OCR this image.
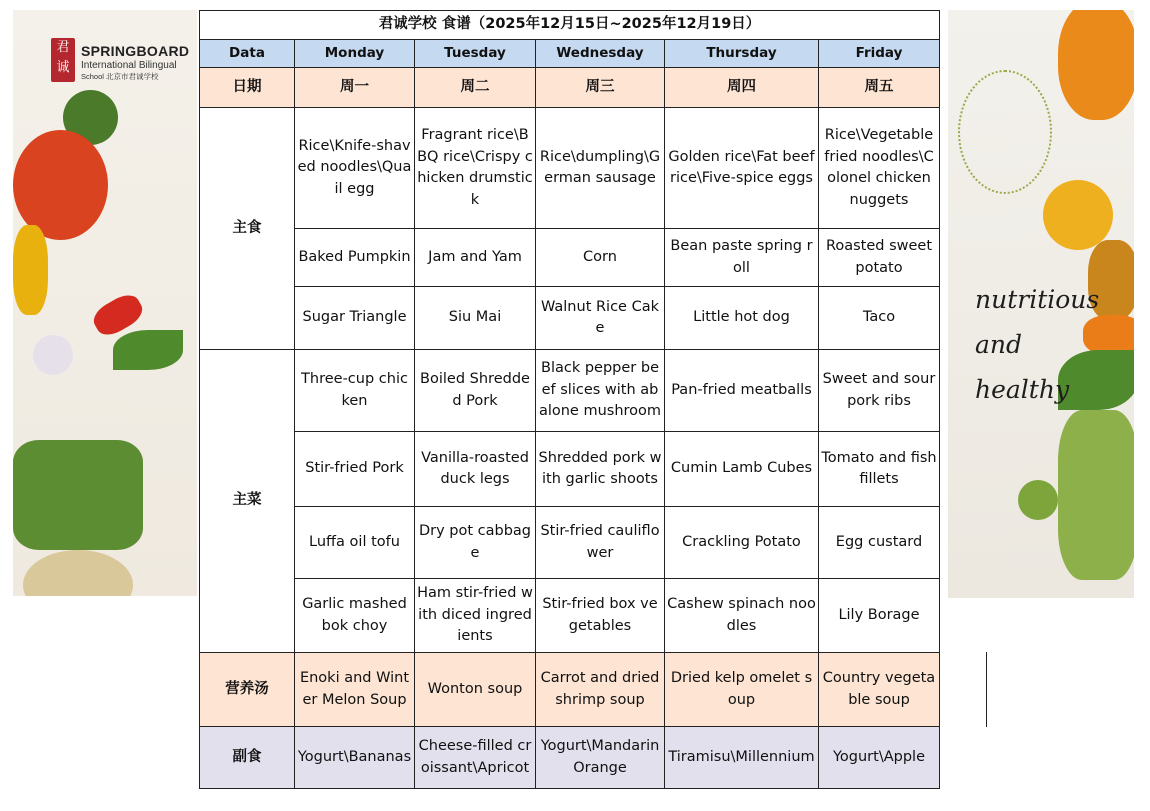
君
诚
SPRINGBOARD
International Bilingual
School 北京市君诚学校
nutritious
and
healthy
君诚学校 食谱（2025年12月15日~2025年12月19日）					
Data	Monday	Tuesday	Wednesday	Thursday	Friday
日期	周一	周二	周三	周四	周五
主食	Rice\Knife-shaved noodles\Quail egg	Fragrant rice\BBQ rice\Crispy chicken drumstick	Rice\dumpling\German sausage	Golden rice\Fat beef rice\Five-spice eggs	Rice\Vegetable fried noodles\Colonel chicken nuggets
	Baked Pumpkin	Jam and Yam	Corn	Bean paste spring roll	Roasted sweet potato
	Sugar Triangle	Siu Mai	Walnut Rice Cake	Little hot dog	Taco
主菜	Three-cup chicken	Boiled Shredded Pork	Black pepper beef slices with abalone mushroom	Pan-fried meatballs	Sweet and sour pork ribs
	Stir-fried Pork	Vanilla-roasted duck legs	Shredded pork with garlic shoots	Cumin Lamb Cubes	Tomato and fish fillets
	Luffa oil tofu	Dry pot cabbage	Stir-fried cauliflower	Crackling Potato	Egg custard
	Garlic mashed bok choy	Ham stir-fried with diced ingredients	Stir-fried box vegetables	Cashew spinach noodles	Lily Borage
营养汤	Enoki and Winter Melon Soup	Wonton soup	Carrot and dried shrimp soup	Dried kelp omelet soup	Country vegetable soup
副食	Yogurt\Bananas	Cheese-filled croissant\Apricot	Yogurt\Mandarin Orange	Tiramisu\Millennium	Yogurt\Apple
